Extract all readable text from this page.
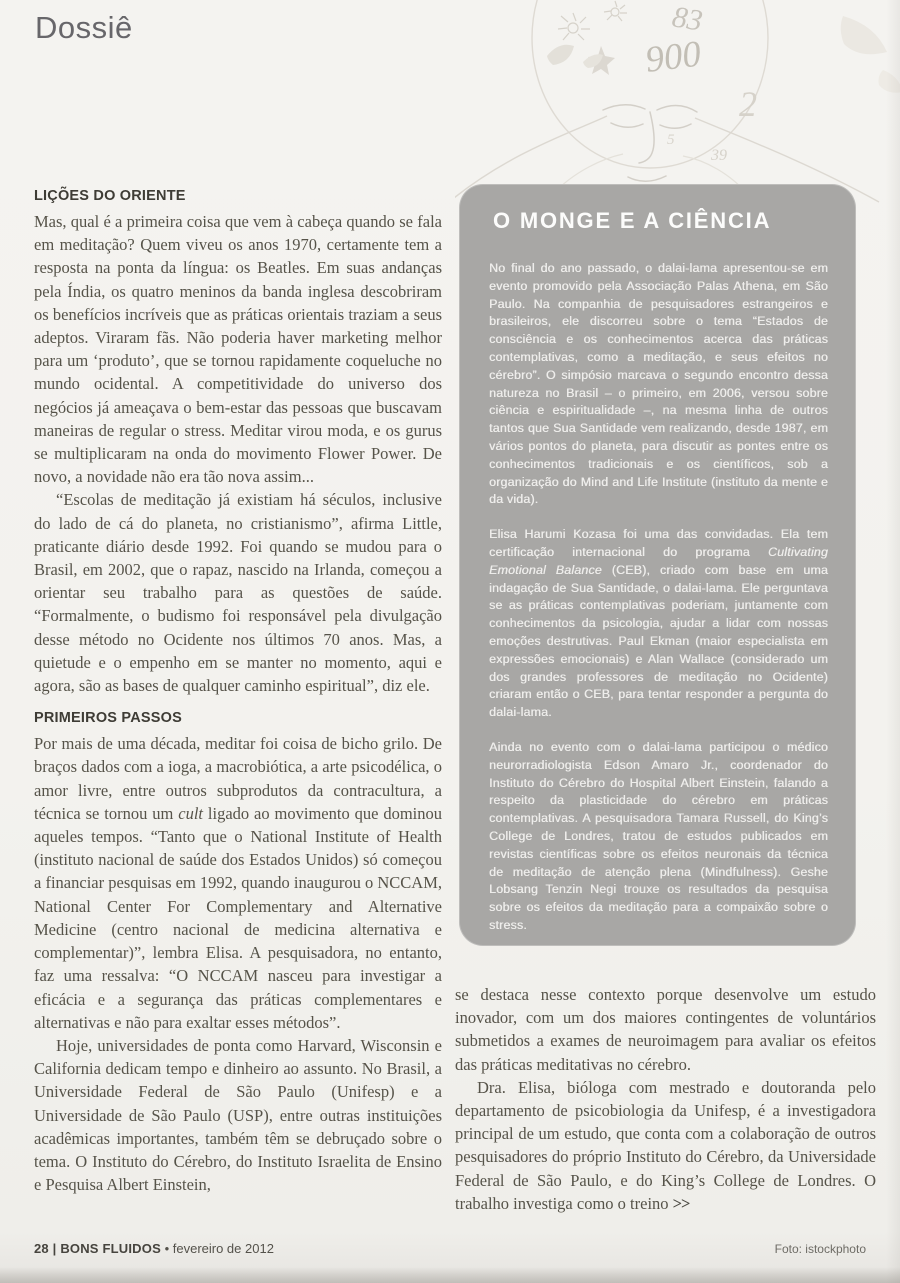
83
900
2
5
39
Dossiê
LIÇÕES DO ORIENTE

Mas, qual é a primeira coisa que vem à cabeça quando se fala em meditação? Quem viveu os anos 1970, certamente tem a resposta na ponta da língua: os Beatles. Em suas andanças pela Índia, os quatro meninos da banda inglesa descobriram os benefícios incríveis que as práticas orientais traziam a seus adeptos. Viraram fãs. Não poderia haver marketing melhor para um ‘produto’, que se tornou rapidamente coqueluche no mundo ocidental. A competitividade do universo dos negócios já ameaçava o bem-estar das pessoas que buscavam maneiras de regular o stress. Meditar virou moda, e os gurus se multiplicaram na onda do movimento Flower Power. De novo, a novidade não era tão nova assim...

“Escolas de meditação já existiam há séculos, inclusive do lado de cá do planeta, no cristianismo”, afirma Little, praticante diário desde 1992. Foi quando se mudou para o Brasil, em 2002, que o rapaz, nascido na Irlanda, começou a orientar seu trabalho para as questões de saúde. “Formalmente, o budismo foi responsável pela divulgação desse método no Ocidente nos últimos 70 anos. Mas, a quietude e o empenho em se manter no momento, aqui e agora, são as bases de qualquer caminho espiritual”, diz ele.

PRIMEIROS PASSOS

Por mais de uma década, meditar foi coisa de bicho grilo. De braços dados com a ioga, a macrobiótica, a arte psicodélica, o amor livre, entre outros subprodutos da contracultura, a técnica se tornou um cult ligado ao movimento que dominou aqueles tempos. “Tanto que o National Institute of Health (instituto nacional de saúde dos Estados Unidos) só começou a financiar pesquisas em 1992, quando inaugurou o NCCAM, National Center For Complementary and Alternative Medicine (centro nacional de medicina alternativa e complementar)”, lembra Elisa. A pesquisadora, no entanto, faz uma ressalva: “O NCCAM nasceu para investigar a eficácia e a segurança das práticas complementares e alternativas e não para exaltar esses métodos”.

Hoje, universidades de ponta como Harvard, Wisconsin e California dedicam tempo e dinheiro ao assunto. No Brasil, a Universidade Federal de São Paulo (Unifesp) e a Universidade de São Paulo (USP), entre outras instituições acadêmicas importantes, também têm se debruçado sobre o tema. O Instituto do Cérebro, do Instituto Israelita de Ensino e Pesquisa Albert Einstein,

O MONGE E A CIÊNCIA

No final do ano passado, o dalai-lama apresentou-se em evento promovido pela Associação Palas Athena, em São Paulo. Na companhia de pesquisadores estrangeiros e brasileiros, ele discorreu sobre o tema “Estados de consciência e os conhecimentos acerca das práticas contemplativas, como a meditação, e seus efeitos no cérebro”. O simpósio marcava o segundo encontro dessa natureza no Brasil – o primeiro, em 2006, versou sobre ciência e espiritualidade –, na mesma linha de outros tantos que Sua Santidade vem realizando, desde 1987, em vários pontos do planeta, para discutir as pontes entre os conhecimentos tradicionais e os científicos, sob a organização do Mind and Life Institute (instituto da mente e da vida).

Elisa Harumi Kozasa foi uma das convidadas. Ela tem certificação internacional do programa Cultivating Emotional Balance (CEB), criado com base em uma indagação de Sua Santidade, o dalai-lama. Ele perguntava se as práticas contemplativas poderiam, juntamente com conhecimentos da psicologia, ajudar a lidar com nossas emoções destrutivas. Paul Ekman (maior especialista em expressões emocionais) e Alan Wallace (considerado um dos grandes professores de meditação no Ocidente) criaram então o CEB, para tentar responder a pergunta do dalai-lama.

Ainda no evento com o dalai-lama participou o médico neurorradiologista Edson Amaro Jr., coordenador do Instituto do Cérebro do Hospital Albert Einstein, falando a respeito da plasticidade do cérebro em práticas contemplativas. A pesquisadora Tamara Russell, do King’s College de Londres, tratou de estudos publicados em revistas científicas sobre os efeitos neuronais da técnica de meditação de atenção plena (Mindfulness). Geshe Lobsang Tenzin Negi trouxe os resultados da pesquisa sobre os efeitos da meditação para a compaixão sobre o stress.

se destaca nesse contexto porque desenvolve um estudo inovador, com um dos maiores contingentes de voluntários submetidos a exames de neuroimagem para avaliar os efeitos das práticas meditativas no cérebro.

Dra. Elisa, bióloga com mestrado e doutoranda pelo departamento de psicobiologia da Unifesp, é a investigadora principal de um estudo, que conta com a colaboração de outros pesquisadores do próprio Instituto do Cérebro, da Universidade Federal de São Paulo, e do King’s College de Londres. O trabalho investiga como o treino >>

28 | BONS FLUIDOS • fevereiro de 2012	Foto: istockphoto
